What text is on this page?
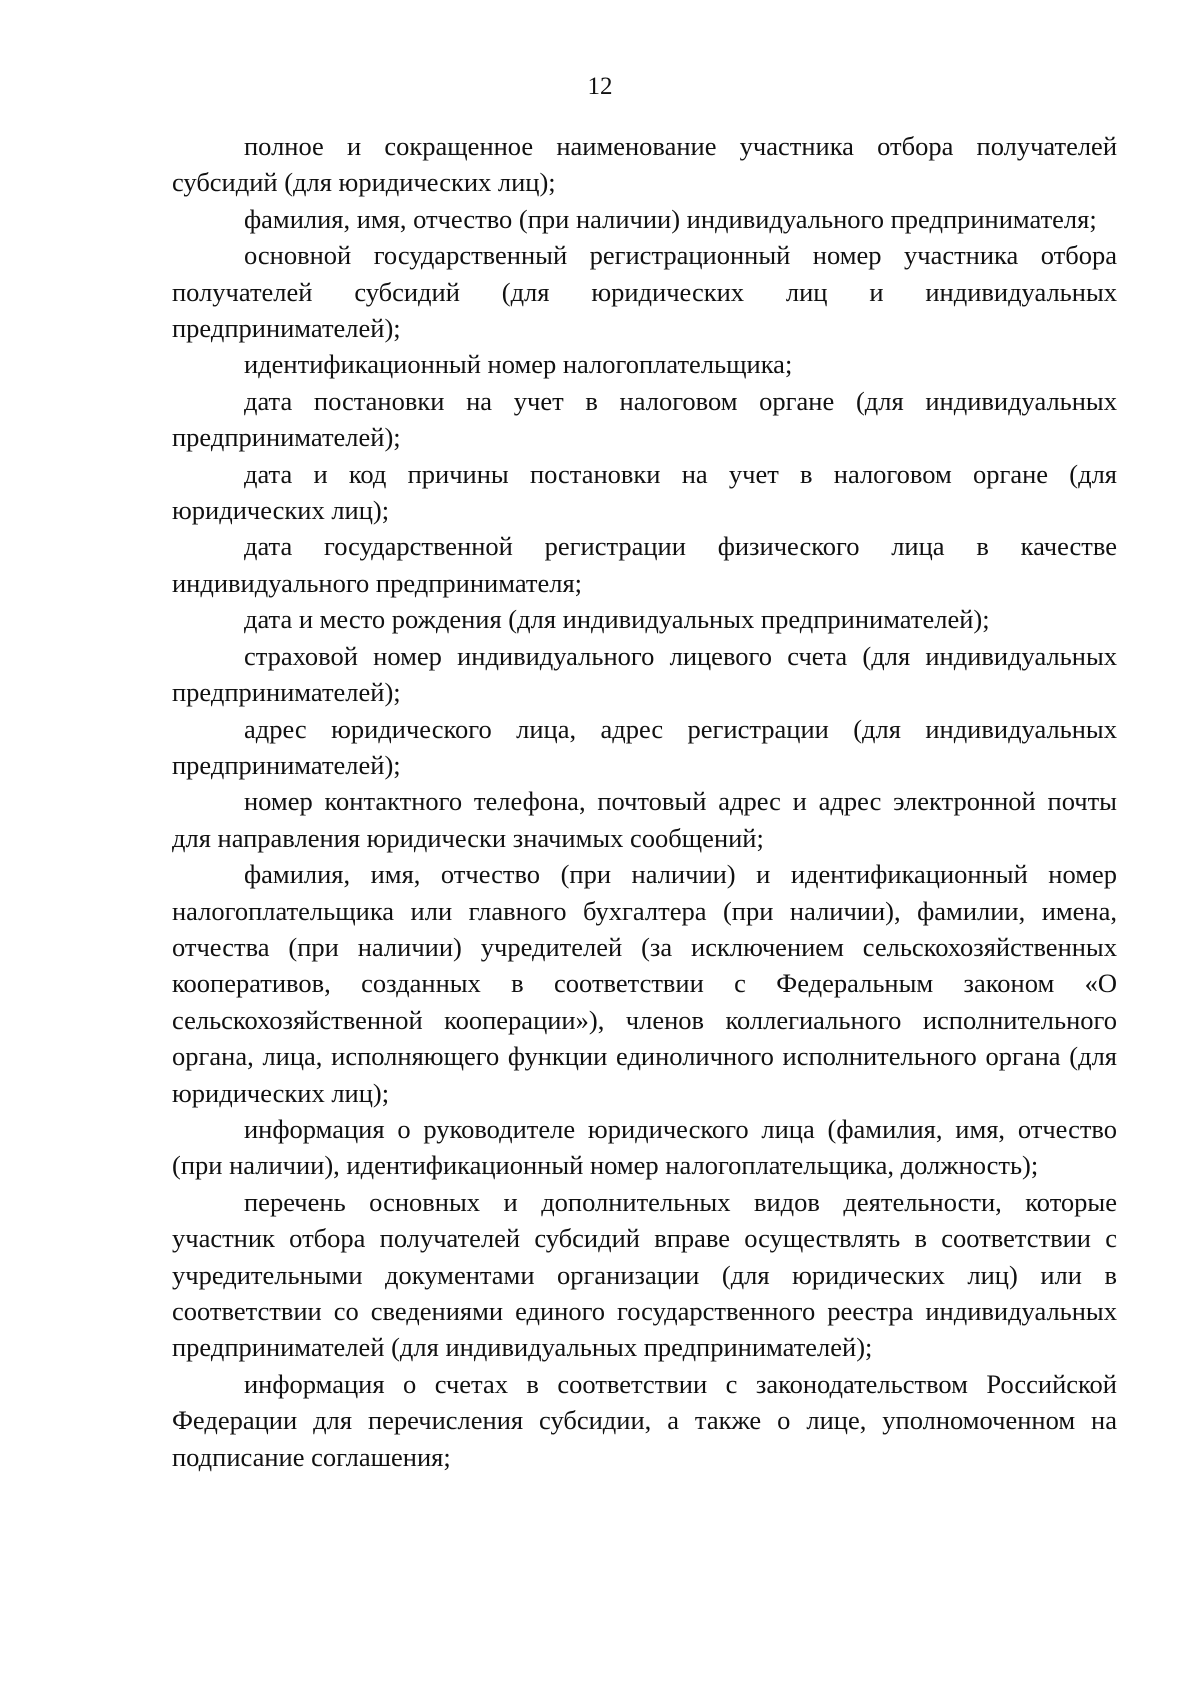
12

полное и сокращенное наименование участника отбора получателей субсидий (для юридических лиц);

фамилия, имя, отчество (при наличии) индивидуального предпринимателя;

основной государственный регистрационный номер участника отбора получателей субсидий (для юридических лиц и индивидуальных предпринимателей);

идентификационный номер налогоплательщика;

дата постановки на учет в налоговом органе (для индивидуальных предпринимателей);

дата и код причины постановки на учет в налоговом органе (для юридических лиц);

дата государственной регистрации физического лица в качестве индивидуального предпринимателя;

дата и место рождения (для индивидуальных предпринимателей);

страховой номер индивидуального лицевого счета (для индивидуальных предпринимателей);

адрес юридического лица, адрес регистрации (для индивидуальных предпринимателей);

номер контактного телефона, почтовый адрес и адрес электронной почты для направления юридически значимых сообщений;

фамилия, имя, отчество (при наличии) и идентификационный номер налогоплательщика или главного бухгалтера (при наличии), фамилии, имена, отчества (при наличии) учредителей (за исключением сельскохозяйственных кооперативов, созданных в соответствии с Федеральным законом «О сельскохозяйственной кооперации»), членов коллегиального исполнительного органа, лица, исполняющего функции единоличного исполнительного органа (для юридических лиц);

информация о руководителе юридического лица (фамилия, имя, отчество (при наличии), идентификационный номер налогоплательщика, должность);

перечень основных и дополнительных видов деятельности, которые участник отбора получателей субсидий вправе осуществлять в соответствии с учредительными документами организации (для юридических лиц) или в соответствии со сведениями единого государственного реестра индивидуальных предпринимателей (для индивидуальных предпринимателей);

информация о счетах в соответствии с законодательством Российской Федерации для перечисления субсидии, а также о лице, уполномоченном на подписание соглашения;
